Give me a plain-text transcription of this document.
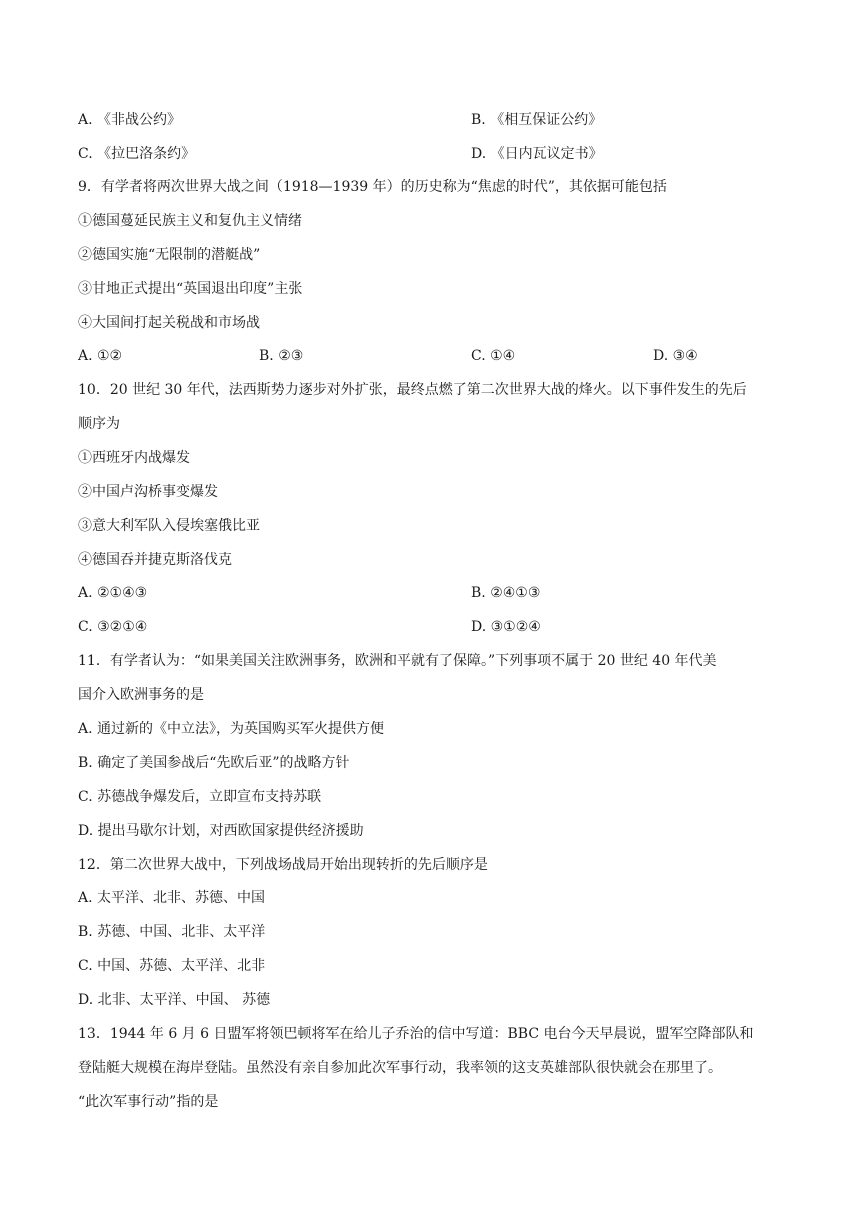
A. 《非战公约》	B. 《相互保证公约》
C. 《拉巴洛条约》	D. 《日内瓦议定书》
9．有学者将两次世界大战之间（1918—1939 年）的历史称为“焦虑的时代”，其依据可能包括
①德国蔓延民族主义和复仇主义情绪
②德国实施“无限制的潜艇战”
③甘地正式提出“英国退出印度”主张
④大国间打起关税战和市场战
A. ①②	B. ②③	C. ①④	D. ③④
10．20 世纪 30 年代，法西斯势力逐步对外扩张，最终点燃了第二次世界大战的烽火。以下事件发生的先后
顺序为
①西班牙内战爆发
②中国卢沟桥事变爆发
③意大利军队入侵埃塞俄比亚
④德国吞并捷克斯洛伐克
A. ②①④③	B. ②④①③
C. ③②①④	D. ③①②④
11．有学者认为：“如果美国关注欧洲事务，欧洲和平就有了保障。”下列事项不属于 20 世纪 40 年代美
国介入欧洲事务的是
A. 通过新的《中立法》，为英国购买军火提供方便
B. 确定了美国参战后“先欧后亚”的战略方针
C. 苏德战争爆发后，立即宣布支持苏联
D. 提出马歇尔计划，对西欧国家提供经济援助
12．第二次世界大战中，下列战场战局开始出现转折的先后顺序是
A. 太平洋、北非、苏德、中国
B. 苏德、中国、北非、太平洋
C. 中国、苏德、太平洋、北非
D. 北非、太平洋、中国、 苏德
13．1944 年 6 月 6 日盟军将领巴顿将军在给儿子乔治的信中写道：BBC 电台今天早晨说，盟军空降部队和
登陆艇大规模在海岸登陆。虽然没有亲自参加此次军事行动，我率领的这支英雄部队很快就会在那里了。
“此次军事行动”指的是
